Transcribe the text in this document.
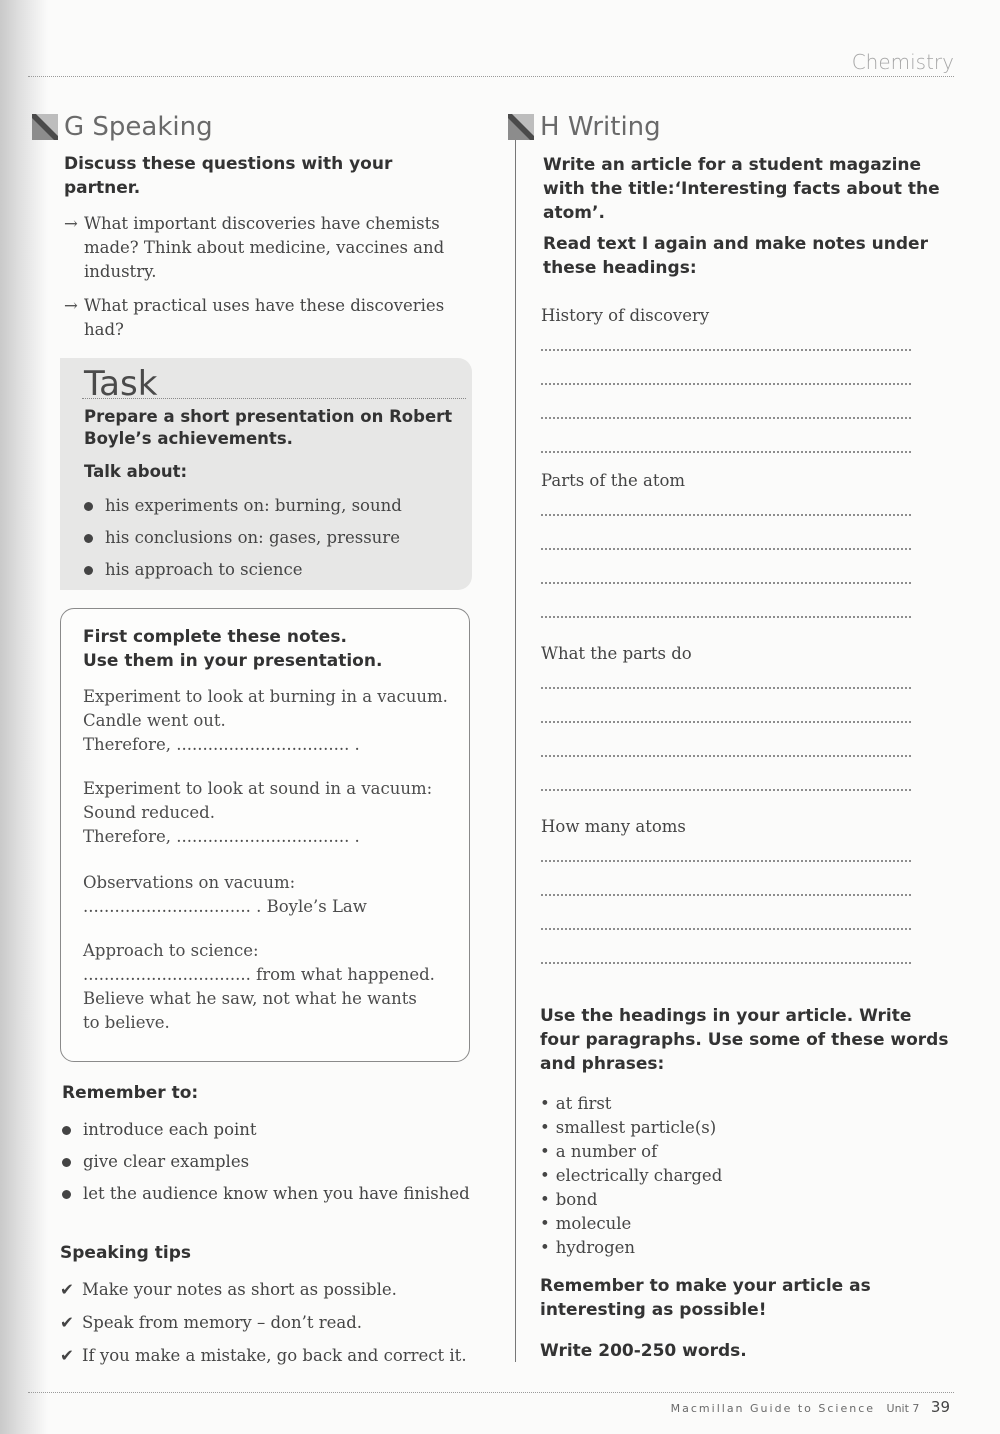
Chemistry
G Speaking
Discuss these questions with your partner.
→ What important discoveries have chemists made? Think about medicine, vaccines and industry.
→ What practical uses have these discoveries had?
Task
Prepare a short presentation on Robert Boyle’s achievements.
Talk about:
his experiments on: burning, sound
his conclusions on: gases, pressure
his approach to science
First complete these notes.
Use them in your presentation.
Experiment to look at burning in a vacuum.
Candle went out.
Therefore, ................................. .
Experiment to look at sound in a vacuum:
Sound reduced.
Therefore, ................................. .
Observations on vacuum:
................................ . Boyle’s Law
Approach to science:
................................ from what happened.
Believe what he saw, not what he wants
to believe.
Remember to:
introduce each point
give clear examples
let the audience know when you have finished
Speaking tips
✔ Make your notes as short as possible.
✔ Speak from memory – don’t read.
✔ If you make a mistake, go back and correct it.
H Writing
Write an article for a student magazine with the title:‘Interesting facts about the atom’.
Read text I again and make notes under these headings:
History of discovery
Parts of the atom
What the parts do
How many atoms
Use the headings in your article. Write four paragraphs. Use some of these words and phrases:
• at first
• smallest particle(s)
• a number of
• electrically charged
• bond
• molecule
• hydrogen
Remember to make your article as interesting as possible!
Write 200-250 words.
Macmillan Guide to Science Unit 7 39
